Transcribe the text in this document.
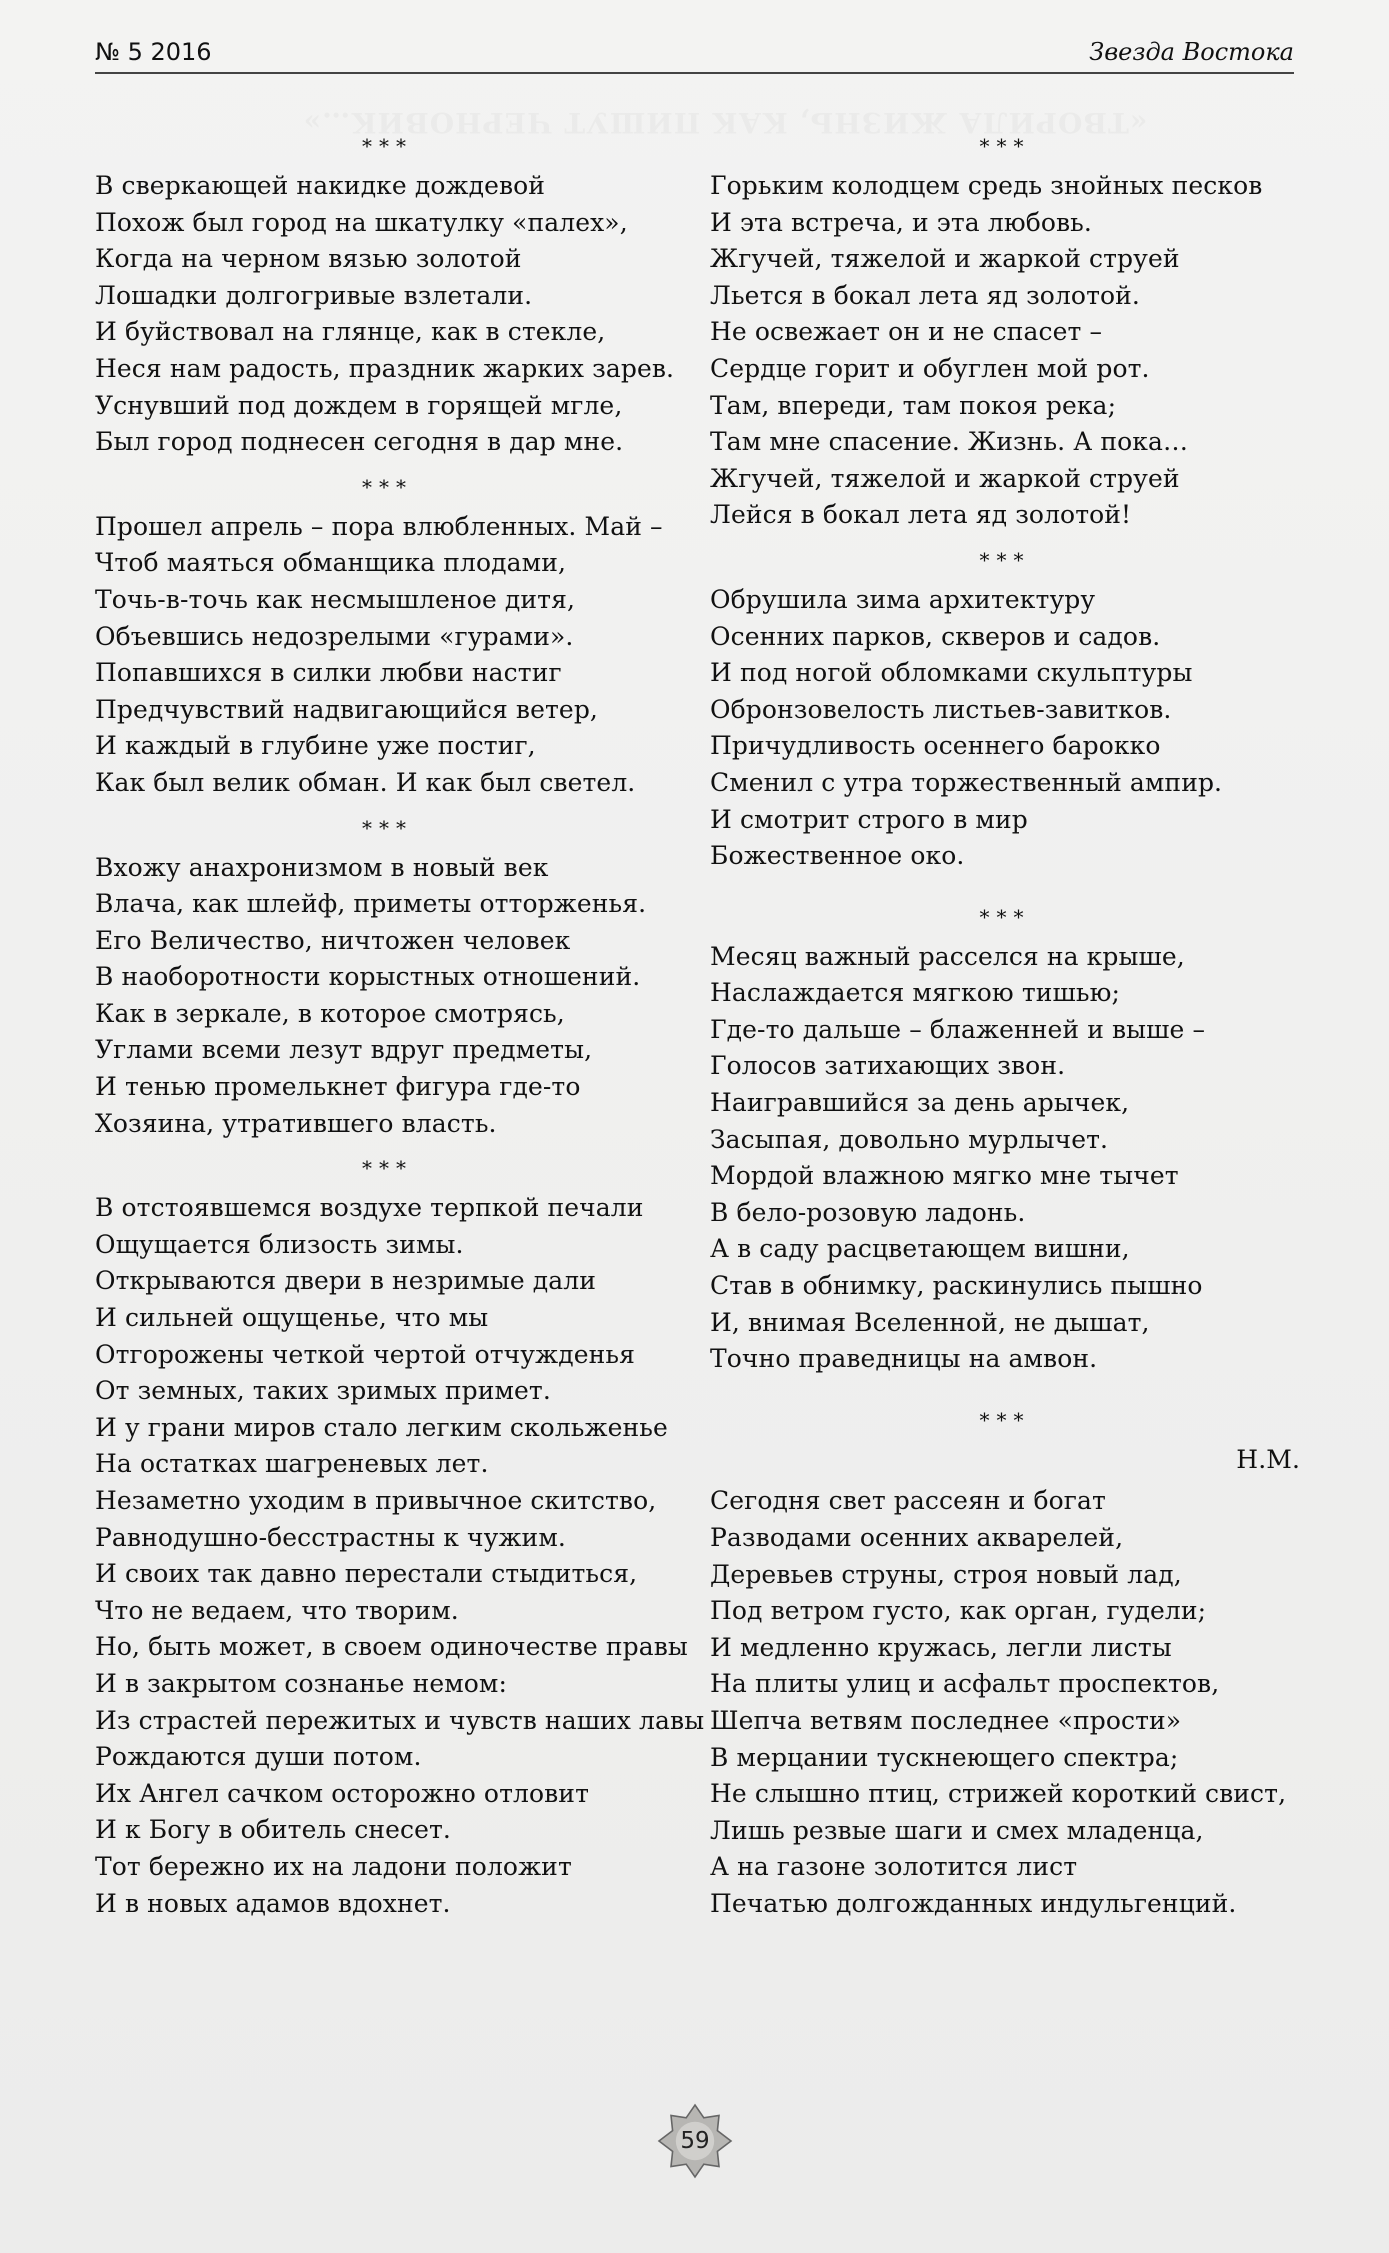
«ТВОРИЛА ЖИЗНЬ, КАК ПИШУТ ЧЕРНОВИК…»
№ 5 2016	Звезда Востока
***
В сверкающей накидке дождевой
Похож был город на шкатулку «палех»,
Когда на черном вязью золотой
Лошадки долгогривые взлетали.
И буйствовал на глянце, как в стекле,
Неся нам радость, праздник жарких зарев.
Уснувший под дождем в горящей мгле,
Был город поднесен сегодня в дар мне.
***
Прошел апрель – пора влюбленных. Май –
Чтоб маяться обманщика плодами,
Точь-в-точь как несмышленое дитя,
Объевшись недозрелыми «гурами».
Попавшихся в силки любви настиг
Предчувствий надвигающийся ветер,
И каждый в глубине уже постиг,
Как был велик обман. И как был светел.
***
Вхожу анахронизмом в новый век
Влача, как шлейф, приметы отторженья.
Его Величество, ничтожен человек
В наоборотности корыстных отношений.
Как в зеркале, в которое смотрясь,
Углами всеми лезут вдруг предметы,
И тенью промелькнет фигура где-то
Хозяина, утратившего власть.
***
В отстоявшемся воздухе терпкой печали
Ощущается близость зимы.
Открываются двери в незримые дали
И сильней ощущенье, что мы
Отгорожены четкой чертой отчужденья
От земных, таких зримых примет.
И у грани миров стало легким скольженье
На остатках шагреневых лет.
Незаметно уходим в привычное скитство,
Равнодушно-бесстрастны к чужим.
И своих так давно перестали стыдиться,
Что не ведаем, что творим.
Но, быть может, в своем одиночестве правы
И в закрытом сознанье немом:
Из страстей пережитых и чувств наших лавы
Рождаются души потом.
Их Ангел сачком осторожно отловит
И к Богу в обитель снесет.
Тот бережно их на ладони положит
И в новых адамов вдохнет.
***
Горьким колодцем средь знойных песков
И эта встреча, и эта любовь.
Жгучей, тяжелой и жаркой струей
Льется в бокал лета яд золотой.
Не освежает он и не спасет –
Сердце горит и обуглен мой рот.
Там, впереди, там покоя река;
Там мне спасение. Жизнь. А пока…
Жгучей, тяжелой и жаркой струей
Лейся в бокал лета яд золотой!
***
Обрушила зима архитектуру
Осенних парков, скверов и садов.
И под ногой обломками скульптуры
Обронзовелость листьев-завитков.
Причудливость осеннего барокко
Сменил с утра торжественный ампир.
И смотрит строго в мир
Божественное око.
***
Месяц важный расселся на крыше,
Наслаждается мягкою тишью;
Где-то дальше – блаженней и выше –
Голосов затихающих звон.
Наигравшийся за день арычек,
Засыпая, довольно мурлычет.
Мордой влажною мягко мне тычет
В бело-розовую ладонь.
А в саду расцветающем вишни,
Став в обнимку, раскинулись пышно
И, внимая Вселенной, не дышат,
Точно праведницы на амвон.
***
Н.М.
Сегодня свет рассеян и богат
Разводами осенних акварелей,
Деревьев струны, строя новый лад,
Под ветром густо, как орган, гудели;
И медленно кружась, легли листы
На плиты улиц и асфальт проспектов,
Шепча ветвям последнее «прости»
В мерцании тускнеющего спектра;
Не слышно птиц, стрижей короткий свист,
Лишь резвые шаги и смех младенца,
А на газоне золотится лист
Печатью долгожданных индульгенций.
59
